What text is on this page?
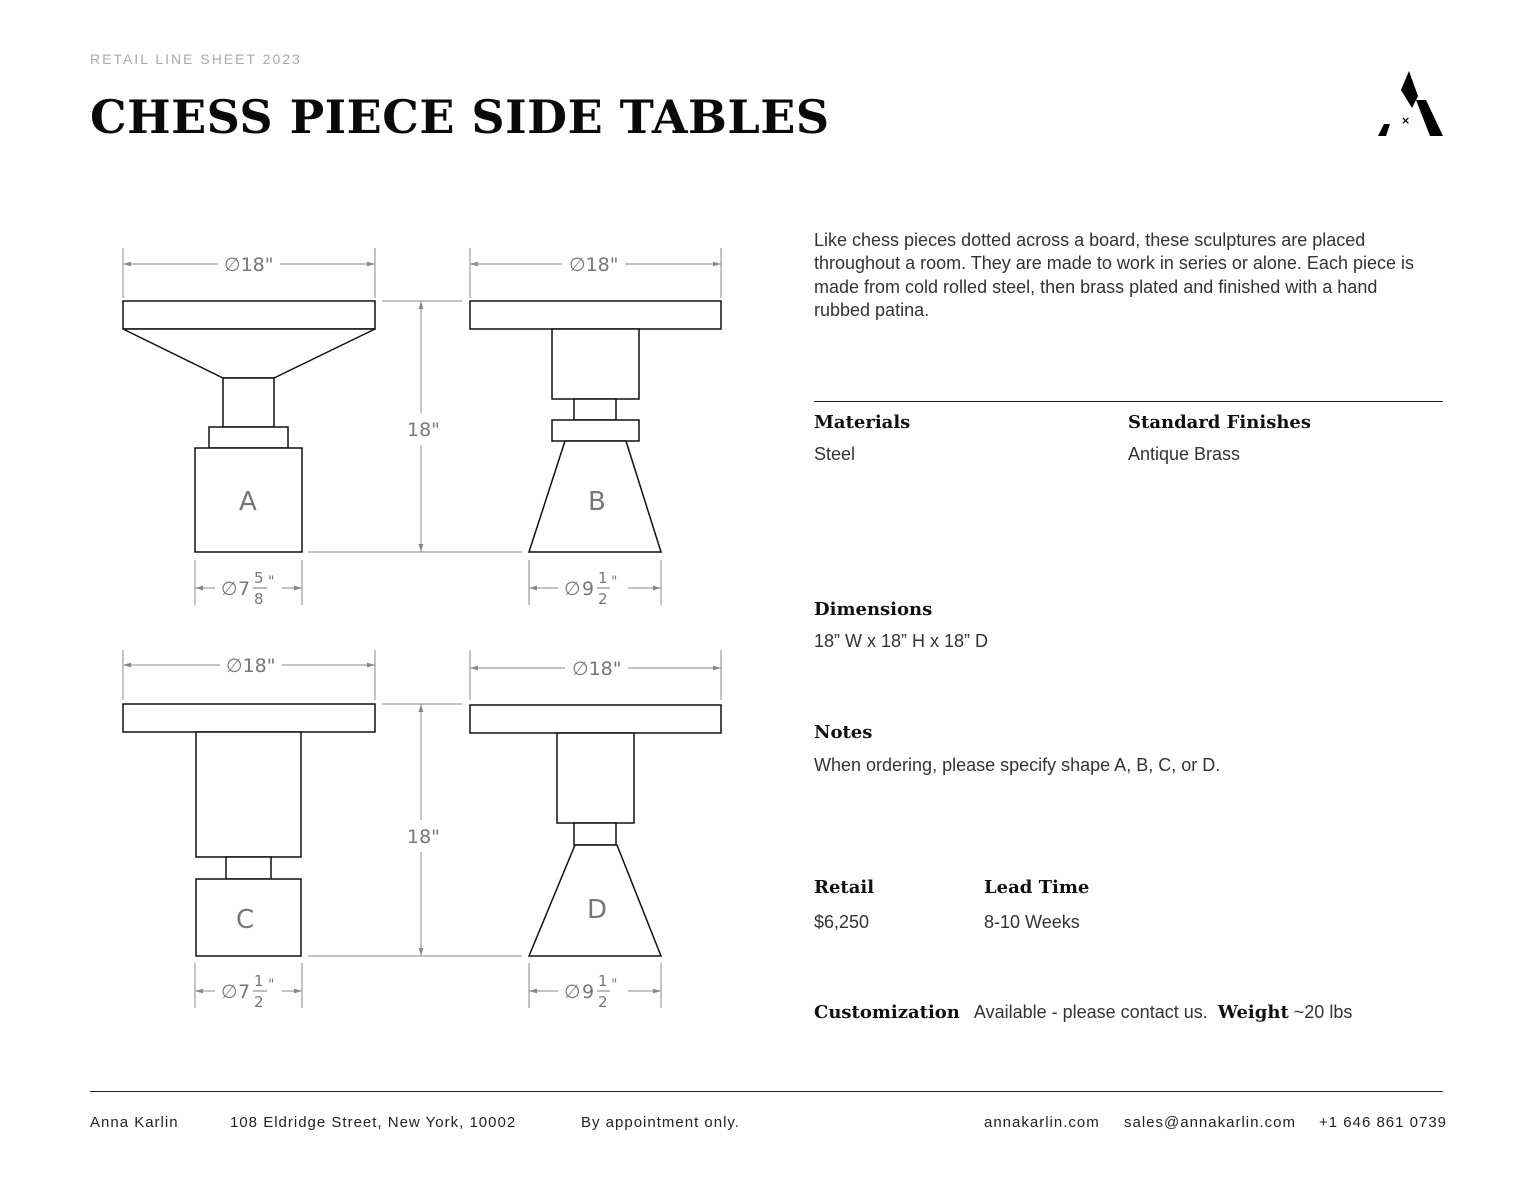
RETAIL LINE SHEET 2023
CHESS PIECE SIDE TABLES	×
∅18"	∅18"
∅18"	∅18"
18"
18"
A	B
C	D
∅ 7 5
8
"	∅ 9 1
2
"
∅ 7 1
2
"	∅ 9 1
2
"
Like chess pieces dotted across a board, these sculptures are placed throughout a room. They are made to work in series or alone. Each piece is made from cold rolled steel, then brass plated and finished with a hand rubbed patina.
Materials
Steel
Standard Finishes
Antique Brass
Dimensions
18” W x 18” H x 18” D
Notes
When ordering, please specify shape A, B, C, or D.
Retail
$6,250
Lead Time
8-10 Weeks
Customization Available - please contact us. Weight ~20 lbs
Anna Karlin	108 Eldridge Street, New York, 10002	By appointment only.	annakarlin.com sales@annakarlin.com +1 646 861 0739
